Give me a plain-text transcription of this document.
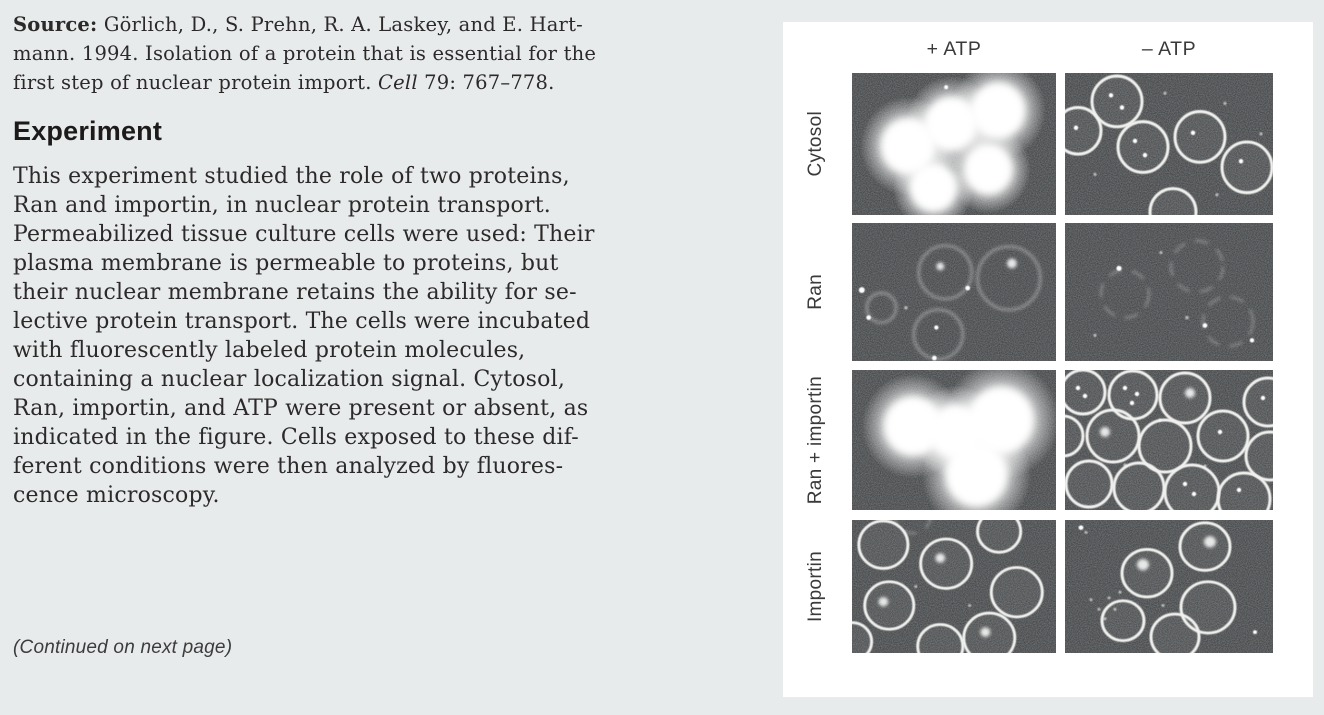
Source: Görlich, D., S. Prehn, R. A. Laskey, and E. Hart-
mann. 1994. Isolation of a protein that is essential for the
first step of nuclear protein import. Cell 79: 767–778.
Experiment
This experiment studied the role of two proteins,
Ran and importin, in nuclear protein transport.
Permeabilized tissue culture cells were used: Their
plasma membrane is permeable to proteins, but
their nuclear membrane retains the ability for se-
lective protein transport. The cells were incubated
with fluorescently labeled protein molecules,
containing a nuclear localization signal. Cytosol,
Ran, importin, and ATP were present or absent, as
indicated in the figure. Cells exposed to these dif-
ferent conditions were then analyzed by fluores-
cence microscopy.
(Continued on next page)
+ ATP	– ATP
Cytosol
Ran
Ran + importin
Importin
